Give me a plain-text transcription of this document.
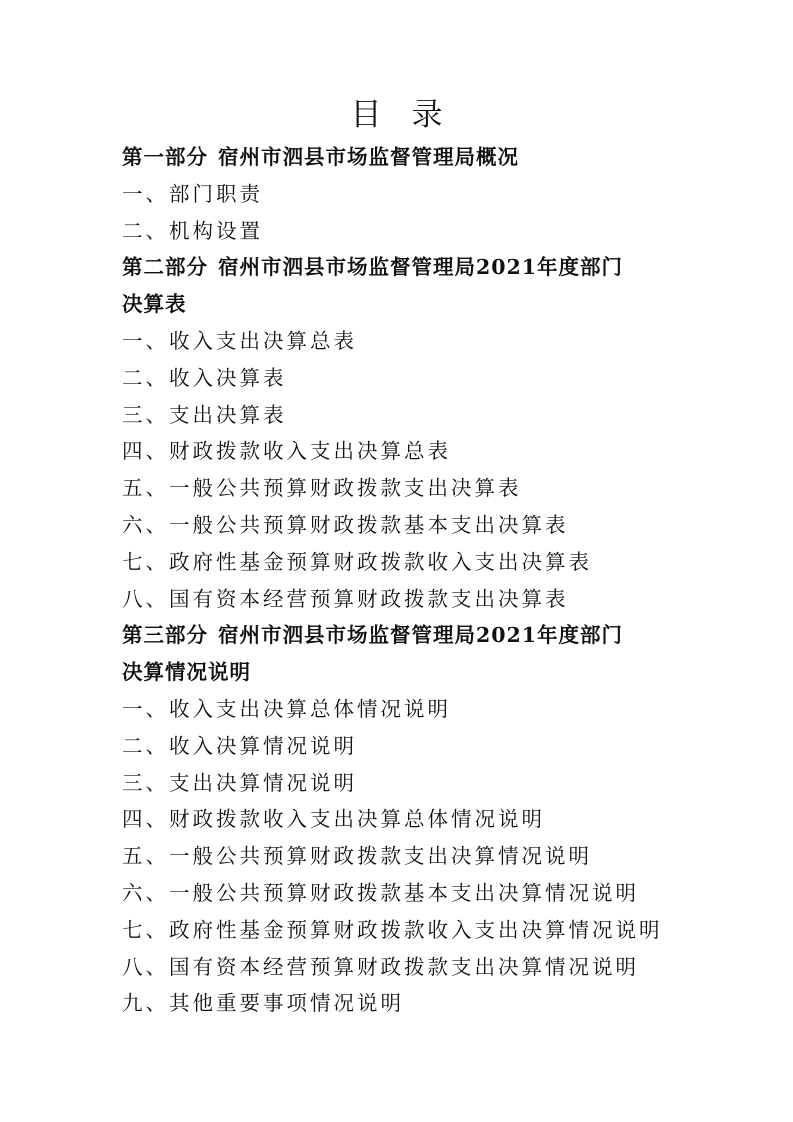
目 录
第一部分 宿州市泗县市场监督管理局概况
一、部门职责
二、机构设置
第二部分 宿州市泗县市场监督管理局2021年度部门
决算表
一、收入支出决算总表
二、收入决算表
三、支出决算表
四、财政拨款收入支出决算总表
五、一般公共预算财政拨款支出决算表
六、一般公共预算财政拨款基本支出决算表
七、政府性基金预算财政拨款收入支出决算表
八、国有资本经营预算财政拨款支出决算表
第三部分 宿州市泗县市场监督管理局2021年度部门
决算情况说明
一、收入支出决算总体情况说明
二、收入决算情况说明
三、支出决算情况说明
四、财政拨款收入支出决算总体情况说明
五、一般公共预算财政拨款支出决算情况说明
六、一般公共预算财政拨款基本支出决算情况说明
七、政府性基金预算财政拨款收入支出决算情况说明
八、国有资本经营预算财政拨款支出决算情况说明
九、其他重要事项情况说明
